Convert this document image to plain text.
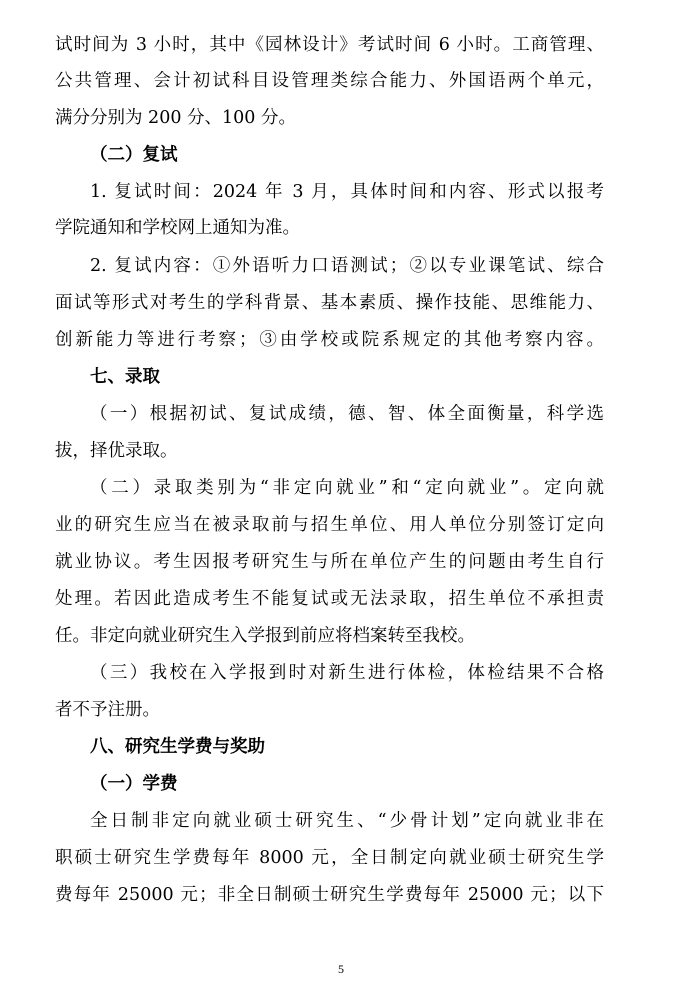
试时间为 3 小时，其中《园林设计》考试时间 6 小时。工商管理、
公共管理、会计初试科目设管理类综合能力、外国语两个单元，
满分分别为 200 分、100 分。
（二）复试
1. 复试时间：2024 年 3 月，具体时间和内容、形式以报考
学院通知和学校网上通知为准。
2. 复试内容：①外语听力口语测试；②以专业课笔试、综合
面试等形式对考生的学科背景、基本素质、操作技能、思维能力、
创新能力等进行考察；③由学校或院系规定的其他考察内容。
七、录取
（一）根据初试、复试成绩，德、智、体全面衡量，科学选
拔，择优录取。
（二）录取类别为“非定向就业”和“定向就业”。定向就
业的研究生应当在被录取前与招生单位、用人单位分别签订定向
就业协议。考生因报考研究生与所在单位产生的问题由考生自行
处理。若因此造成考生不能复试或无法录取，招生单位不承担责
任。非定向就业研究生入学报到前应将档案转至我校。
（三）我校在入学报到时对新生进行体检，体检结果不合格
者不予注册。
八、研究生学费与奖助
（一）学费
全日制非定向就业硕士研究生、“少骨计划”定向就业非在
职硕士研究生学费每年 8000 元，全日制定向就业硕士研究生学
费每年 25000 元；非全日制硕士研究生学费每年 25000 元；以下
5
